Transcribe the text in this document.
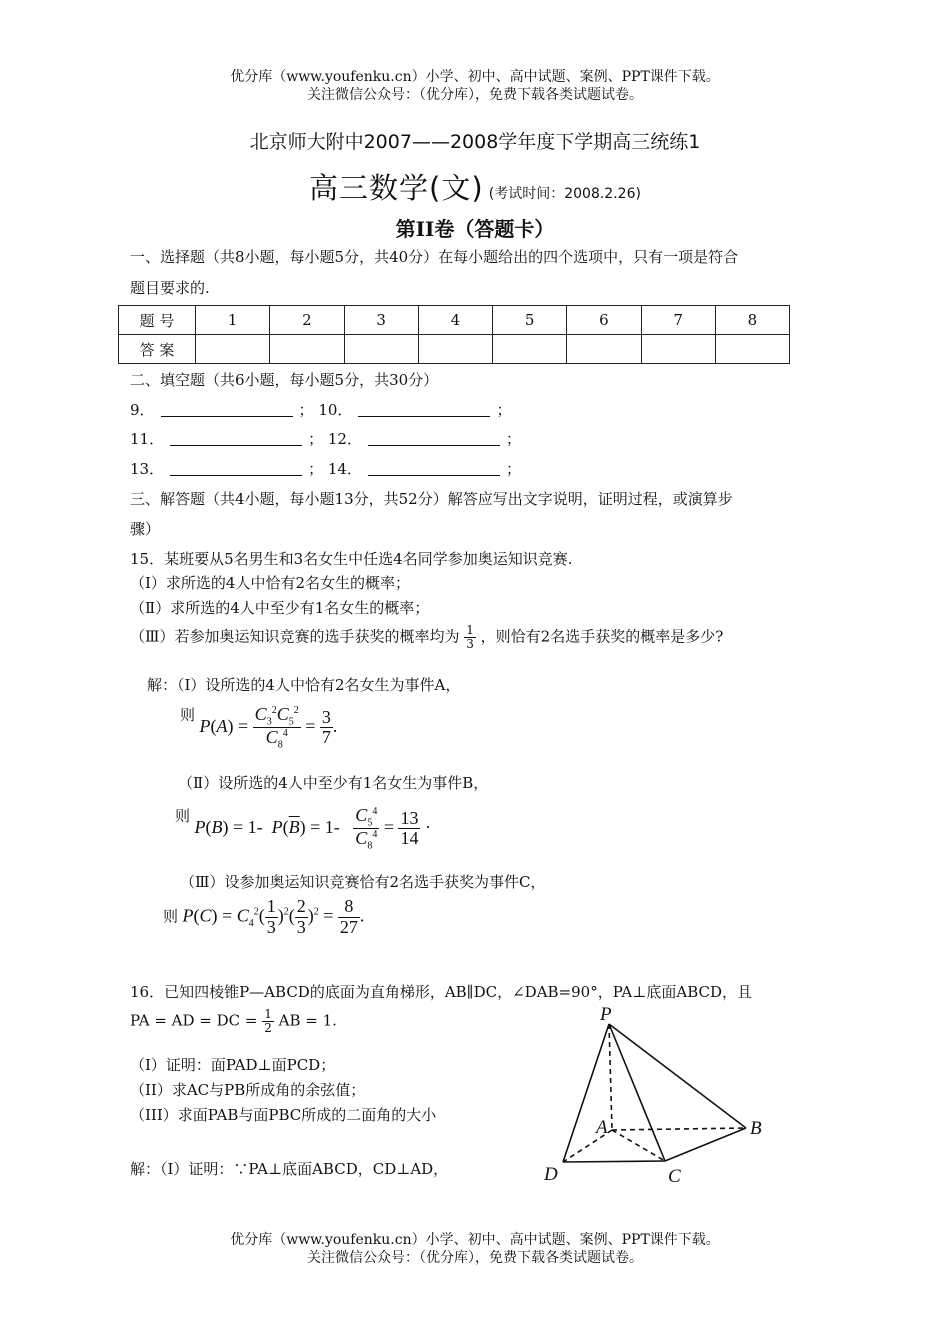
优分库（www.youfenku.cn）小学、初中、高中试题、案例、PPT课件下载。
关注微信公众号：（优分库），免费下载各类试题试卷。
北京师大附中2007——2008学年度下学期高三统练1
高三数学(文) (考试时间：2008.2.26)
第II卷（答题卡）
一、选择题（共8小题，每小题5分，共40分）在每小题给出的四个选项中，只有一项是符合
题目要求的.
题 号	1	2	3	4	5	6	7	8
答 案								
二、填空题（共6小题，每小题5分，共30分）
9．	； 10．	；
11．	； 12．	；
13．	； 14．	；
三、解答题（共4小题，每小题13分，共52分）解答应写出文字说明，证明过程，或演算步
骤）
15．某班要从5名男生和3名女生中任选4名同学参加奥运知识竞赛.
（I）求所选的4人中恰有2名女生的概率；
（Ⅱ）求所选的4人中至少有1名女生的概率；
（Ⅲ）若参加奥运知识竞赛的选手获奖的概率均为 $\frac{1}{3}$ ，则恰有2名选手获奖的概率是多少?
解：（I）设所选的4人中恰有2名女生为事件A，
$^则$ $P(A) = \frac{C_3^2C_5^2}{C_8^4} = \frac{3}{7}$ .
（Ⅱ）设所选的4人中至少有1名女生为事件B，
$^则$ P(B) = 1-  $P(\overline{B}) = 1- \frac{C_5^4}{C_8^4} = \frac{13}{14}$ ·
（Ⅲ）设参加奥运知识竞赛恰有2名选手获奖为事件C，
则 $P(C) = C_4^2( \frac{1}{3} )^2( \frac{2}{3} )^2 = \frac{8}{27}$ .
16．已知四棱锥P—ABCD的底面为直角梯形，AB∥DC，∠DAB=90°，PA⊥底面ABCD，且
PA = AD = DC = $\frac{1}{2}$ AB = 1.
（I）证明：面PAD⊥面PCD；
（II）求AC与PB所成角的余弦值；
（III）求面PAB与面PBC所成的二面角的大小
解：（I）证明：∵PA⊥底面ABCD，CD⊥AD，
P
A	B
C
D
优分库（www.youfenku.cn）小学、初中、高中试题、案例、PPT课件下载。
关注微信公众号：（优分库），免费下载各类试题试卷。
